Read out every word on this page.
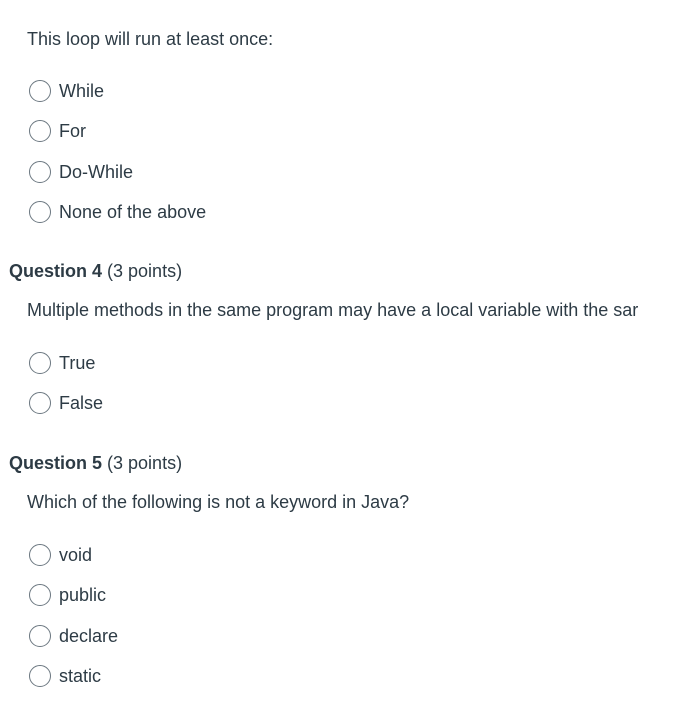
This loop will run at least once:
While
For
Do-While
None of the above
Question 4 (3 points)
Multiple methods in the same program may have a local variable with the sar
True
False
Question 5 (3 points)
Which of the following is not a keyword in Java?
void
public
declare
static
